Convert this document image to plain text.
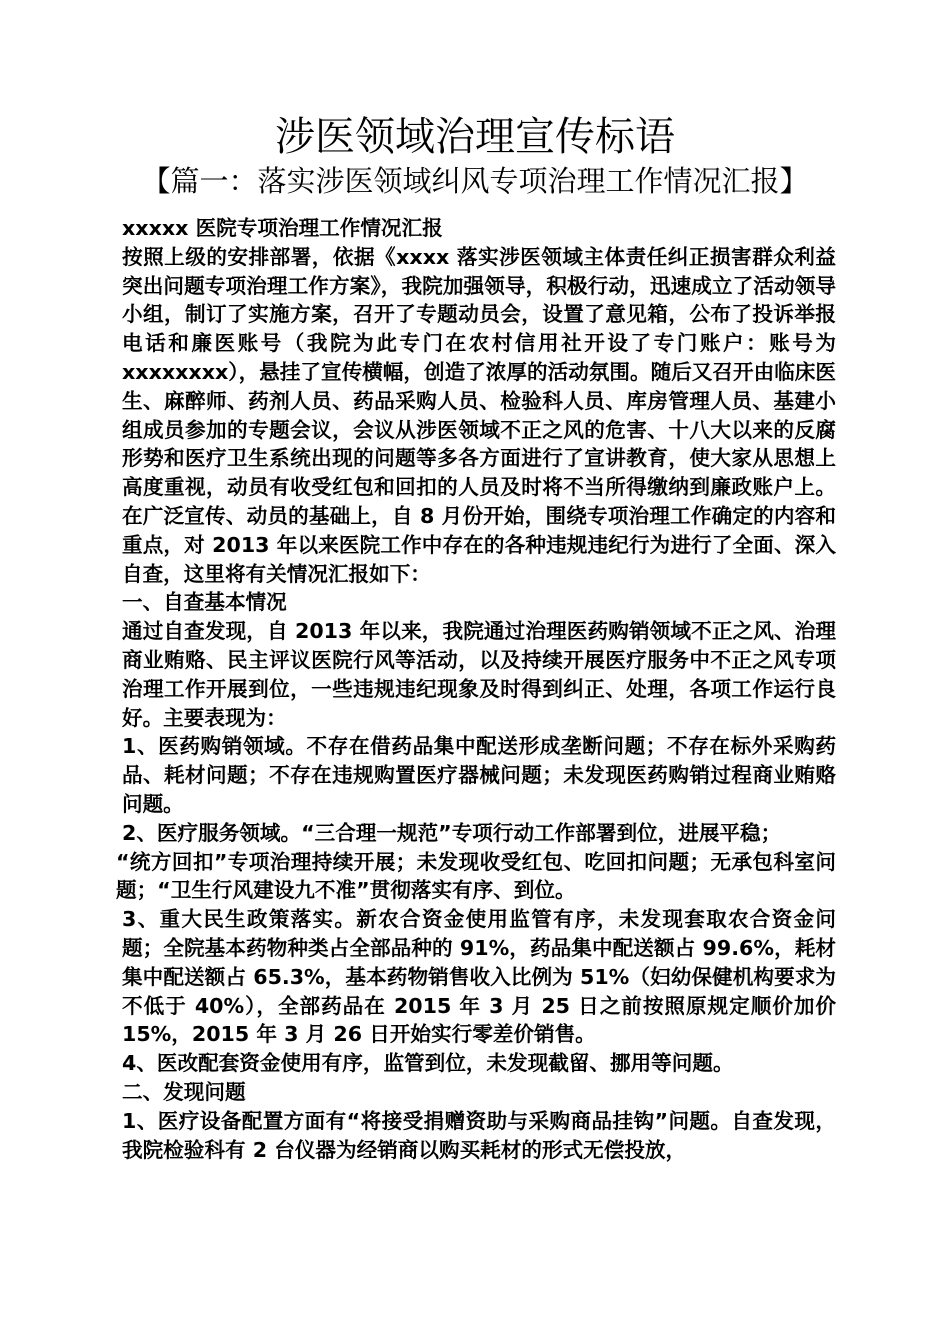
涉医领域治理宣传标语
【篇一：落实涉医领域纠风专项治理工作情况汇报】

xxxxx 医院专项治理工作情况汇报

按照上级的安排部署，依据《xxxx 落实涉医领域主体责任纠正损害群众利益突出问题专项治理工作方案》，我院加强领导，积极行动，迅速成立了活动领导小组，制订了实施方案，召开了专题动员会，设置了意见箱，公布了投诉举报电话和廉医账号（我院为此专门在农村信用社开设了专门账户：账号为 xxxxxxxx），悬挂了宣传横幅，创造了浓厚的活动氛围。随后又召开由临床医生、麻醉师、药剂人员、药品采购人员、检验科人员、库房管理人员、基建小组成员参加的专题会议，会议从涉医领域不正之风的危害、十八大以来的反腐形势和医疗卫生系统出现的问题等多各方面进行了宣讲教育，使大家从思想上高度重视，动员有收受红包和回扣的人员及时将不当所得缴纳到廉政账户上。在广泛宣传、动员的基础上，自 8 月份开始，围绕专项治理工作确定的内容和重点，对 2013 年以来医院工作中存在的各种违规违纪行为进行了全面、深入自查，这里将有关情况汇报如下：

一、自查基本情况

通过自查发现，自 2013 年以来，我院通过治理医药购销领域不正之风、治理商业贿赂、民主评议医院行风等活动，以及持续开展医疗服务中不正之风专项治理工作开展到位，一些违规违纪现象及时得到纠正、处理，各项工作运行良好。主要表现为：

1、医药购销领域。不存在借药品集中配送形成垄断问题；不存在标外采购药品、耗材问题；不存在违规购置医疗器械问题；未发现医药购销过程商业贿赂问题。

2、医疗服务领域。“三合理一规范”专项行动工作部署到位，进展平稳；

“统方回扣”专项治理持续开展；未发现收受红包、吃回扣问题；无承包科室问题；“卫生行风建设九不准”贯彻落实有序、到位。

3、重大民生政策落实。新农合资金使用监管有序，未发现套取农合资金问题；全院基本药物种类占全部品种的 91%，药品集中配送额占 99.6%，耗材集中配送额占 65.3%，基本药物销售收入比例为 51%（妇幼保健机构要求为不低于 40%），全部药品在 2015 年 3 月 25 日之前按照原规定顺价加价 15%，2015 年 3 月 26 日开始实行零差价销售。

4、医改配套资金使用有序，监管到位，未发现截留、挪用等问题。

二、发现问题

1、医疗设备配置方面有“将接受捐赠资助与采购商品挂钩”问题。自查发现，我院检验科有 2 台仪器为经销商以购买耗材的形式无偿投放，
